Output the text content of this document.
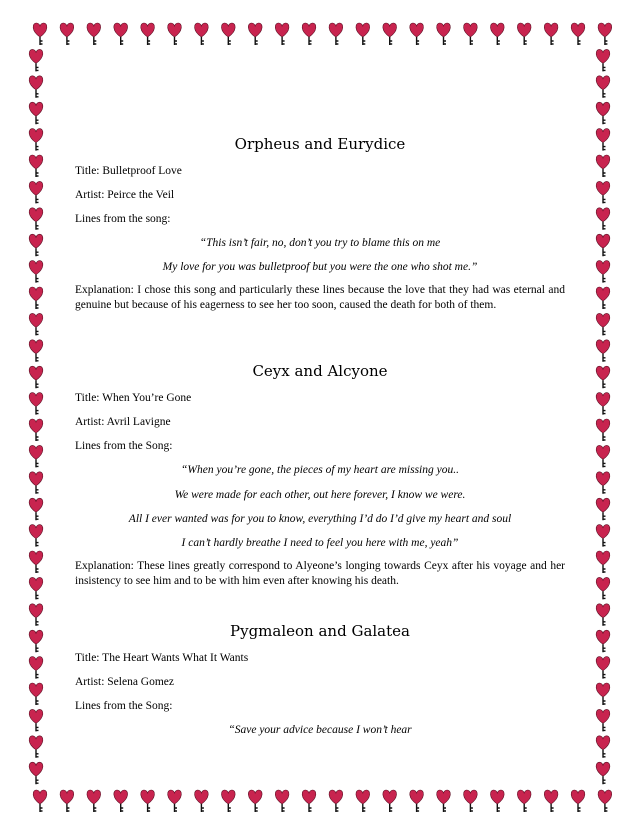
Orpheus and Eurydice
Title: Bulletproof Love
Artist: Peirce the Veil
Lines from the song:
“This isn’t fair, no, don’t you try to blame this on me
My love for you was bulletproof but you were the one who shot me.”
Explanation: I chose this song and particularly these lines because the love that they had was eternal and genuine but because of his eagerness to see her too soon, caused the death for both of them.
Ceyx and Alcyone
Title: When You’re Gone
Artist: Avril Lavigne
Lines from the Song:
“When you’re gone, the pieces of my heart are missing you..
We were made for each other, out here forever, I know we were.
All I ever wanted was for you to know, everything I’d do I’d give my heart and soul
I can’t hardly breathe I need to feel you here with me, yeah”
Explanation: These lines greatly correspond to Alyeone’s longing towards Ceyx after his voyage and her insistency to see him and to be with him even after knowing his death.
Pygmaleon and Galatea
Title: The Heart Wants What It Wants
Artist: Selena Gomez
Lines from the Song:
“Save your advice because I won’t hear
